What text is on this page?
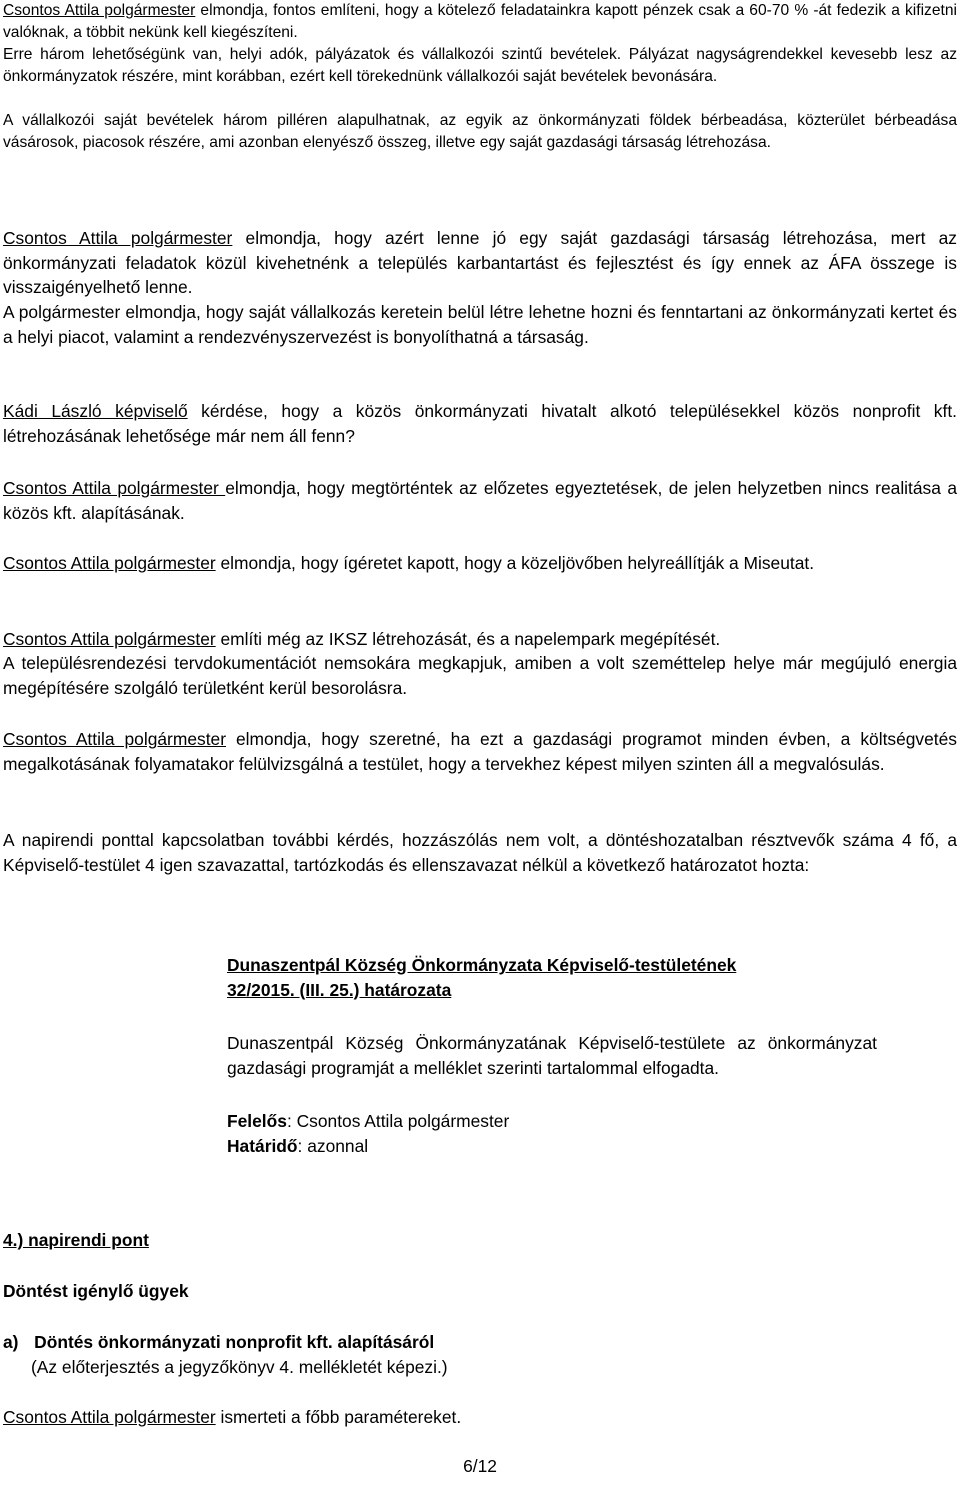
Csontos Attila polgármester elmondja, fontos említeni, hogy a kötelező feladatainkra kapott pénzek csak a 60-70 % -át fedezik a kifizetni valóknak, a többit nekünk kell kiegészíteni.

Erre három lehetőségünk van, helyi adók, pályázatok és vállalkozói szintű bevételek. Pályázat nagyságrendekkel kevesebb lesz az önkormányzatok részére, mint korábban, ezért kell törekednünk vállalkozói saját bevételek bevonására.

A vállalkozói saját bevételek három pilléren alapulhatnak, az egyik az önkormányzati földek bérbeadása, közterület bérbeadása vásárosok, piacosok részére, ami azonban elenyésző összeg, illetve egy saját gazdasági társaság létrehozása.

Csontos Attila polgármester elmondja, hogy azért lenne jó egy saját gazdasági társaság létrehozása, mert az önkormányzati feladatok közül kivehetnénk a település karbantartást és fejlesztést és így ennek az ÁFA összege is visszaigényelhető lenne.

A polgármester elmondja, hogy saját vállalkozás keretein belül létre lehetne hozni és fenntartani az önkormányzati kertet és a helyi piacot, valamint a rendezvényszervezést is bonyolíthatná a társaság.

Kádi László képviselő kérdése, hogy a közös önkormányzati hivatalt alkotó településekkel közös nonprofit kft. létrehozásának lehetősége már nem áll fenn?

Csontos Attila polgármester elmondja, hogy megtörténtek az előzetes egyeztetések, de jelen helyzetben nincs realitása a közös kft. alapításának.

Csontos Attila polgármester elmondja, hogy ígéretet kapott, hogy a közeljövőben helyreállítják a Miseutat.

Csontos Attila polgármester említi még az IKSZ létrehozását, és a napelempark megépítését.

A településrendezési tervdokumentációt nemsokára megkapjuk, amiben a volt szeméttelep helye már megújuló energia megépítésére szolgáló területként kerül besorolásra.

Csontos Attila polgármester elmondja, hogy szeretné, ha ezt a gazdasági programot minden évben, a költségvetés megalkotásának folyamatakor felülvizsgálná a testület, hogy a tervekhez képest milyen szinten áll a megvalósulás.

A napirendi ponttal kapcsolatban további kérdés, hozzászólás nem volt, a döntéshozatalban résztvevők száma 4 fő, a Képviselő-testület 4 igen szavazattal, tartózkodás és ellenszavazat nélkül a következő határozatot hozta:

Dunaszentpál Község Önkormányzata Képviselő-testületének

32/2015. (III. 25.) határozata

Dunaszentpál Község Önkormányzatának Képviselő-testülete az önkormányzat gazdasági programját a melléklet szerinti tartalommal elfogadta.

Felelős: Csontos Attila polgármester

Határidő: azonnal

4.) napirendi pont

Döntést igénylő ügyek

a) Döntés önkormányzati nonprofit kft. alapításáról

(Az előterjesztés a jegyzőkönyv 4. mellékletét képezi.)

Csontos Attila polgármester ismerteti a főbb paramétereket.

6/12
